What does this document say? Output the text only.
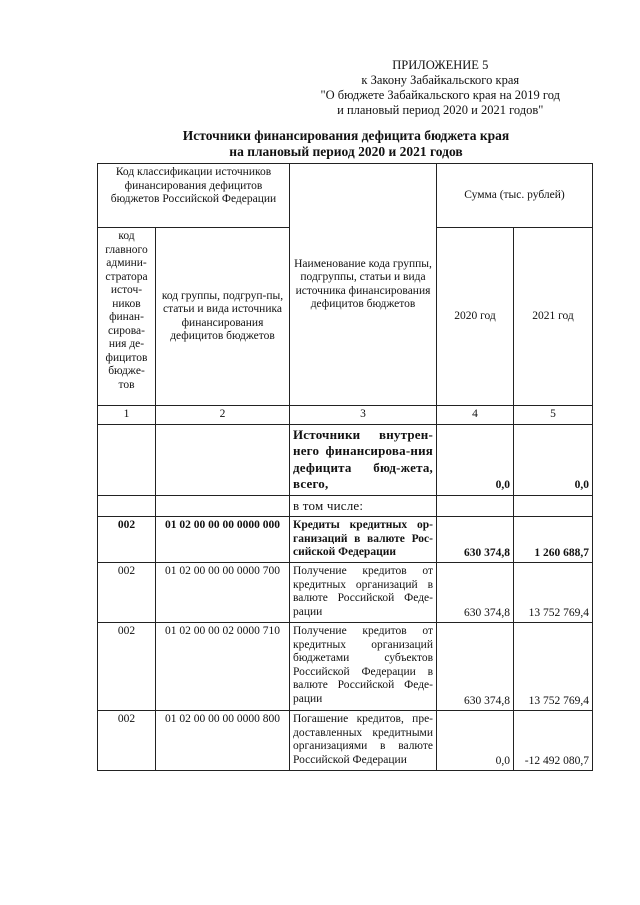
ПРИЛОЖЕНИЕ 5
к Закону Забайкальского края
"О бюджете Забайкальского края на 2019 год
и плановый период 2020 и 2021 годов"
Источники финансирования дефицита бюджета края
на плановый период 2020 и 2021 годов
Код классификации источников финансирования дефицитов бюджетов Российской Федерации		Наименование кода группы, подгруппы, статьи и вида источника финансирования дефицитов бюджетов	Сумма (тыс. рублей)	
код главного админи-стратора источ-ников финан-сирова-ния де-фицитов бюджe-тов	код группы, подгруп-пы, статьи и вида источника финансирования дефицитов бюджетов		2020 год	2021 год
1	2	3	4	5
		Источники внутрен-него финансирова-ния дефицита бюд-жета, всего,	0,0	0,0
		в том числе:		
002	01 02 00 00 00 0000 000	Кредиты кредитных ор-ганизаций в валюте Рос-сийской Федерации	630 374,8	1 260 688,7
002	01 02 00 00 00 0000 700	Получение кредитов от кредитных организаций в валюте Российской Феде-рации	630 374,8	13 752 769,4
002	01 02 00 00 02 0000 710	Получение кредитов от кредитных организаций бюджетами субъектов Российской Федерации в валюте Российской Феде-рации	630 374,8	13 752 769,4
002	01 02 00 00 00 0000 800	Погашение кредитов, пре-доставленных кредитными организациями в валюте Российской Федерации	0,0	-12 492 080,7
